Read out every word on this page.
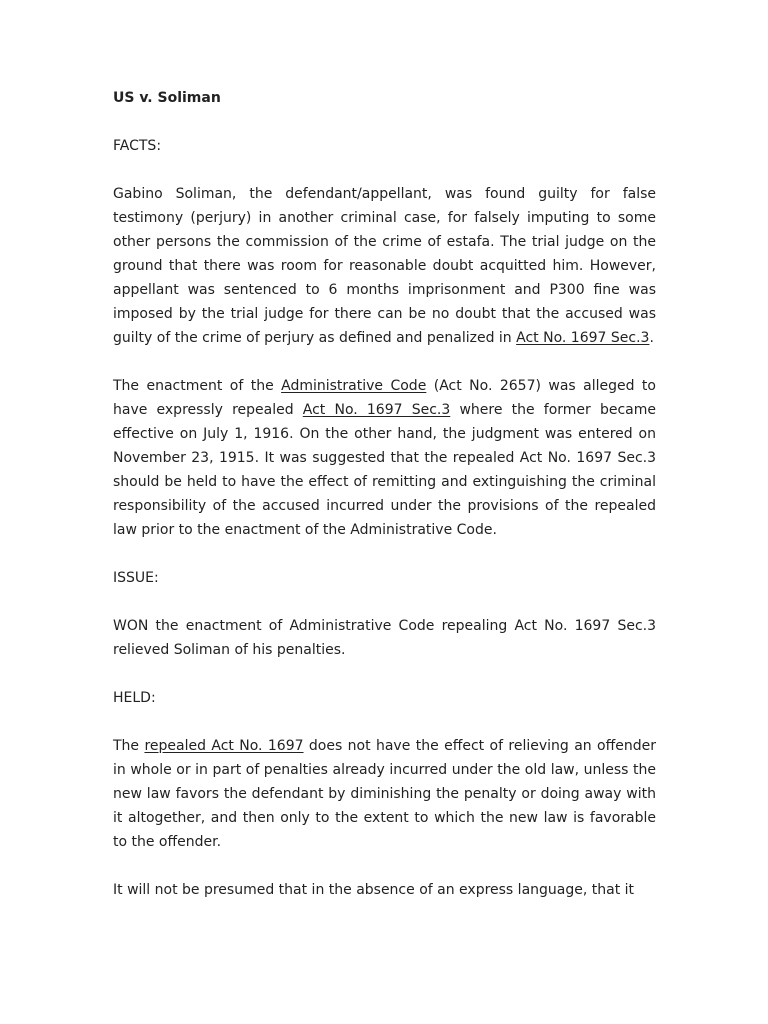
US v. Soliman
FACTS:
Gabino Soliman, the defendant/appellant, was found guilty for false testimony (perjury) in another criminal case, for falsely imputing to some other persons the commission of the crime of estafa. The trial judge on the ground that there was room for reasonable doubt acquitted him. However, appellant was sentenced to 6 months imprisonment and P300 fine was imposed by the trial judge for there can be no doubt that the accused was guilty of the crime of perjury as defined and penalized in Act No. 1697 Sec.3.
The enactment of the Administrative Code (Act No. 2657) was alleged to have expressly repealed Act No. 1697 Sec.3 where the former became effective on July 1, 1916. On the other hand, the judgment was entered on November 23, 1915. It was suggested that the repealed Act No. 1697 Sec.3 should be held to have the effect of remitting and extinguishing the criminal responsibility of the accused incurred under the provisions of the repealed law prior to the enactment of the Administrative Code.
ISSUE:
WON the enactment of Administrative Code repealing Act No. 1697 Sec.3 relieved Soliman of his penalties.
HELD:
The repealed Act No. 1697 does not have the effect of relieving an offender in whole or in part of penalties already incurred under the old law, unless the new law favors the defendant by diminishing the penalty or doing away with it altogether, and then only to the extent to which the new law is favorable to the offender.
It will not be presumed that in the absence of an express language, that it
